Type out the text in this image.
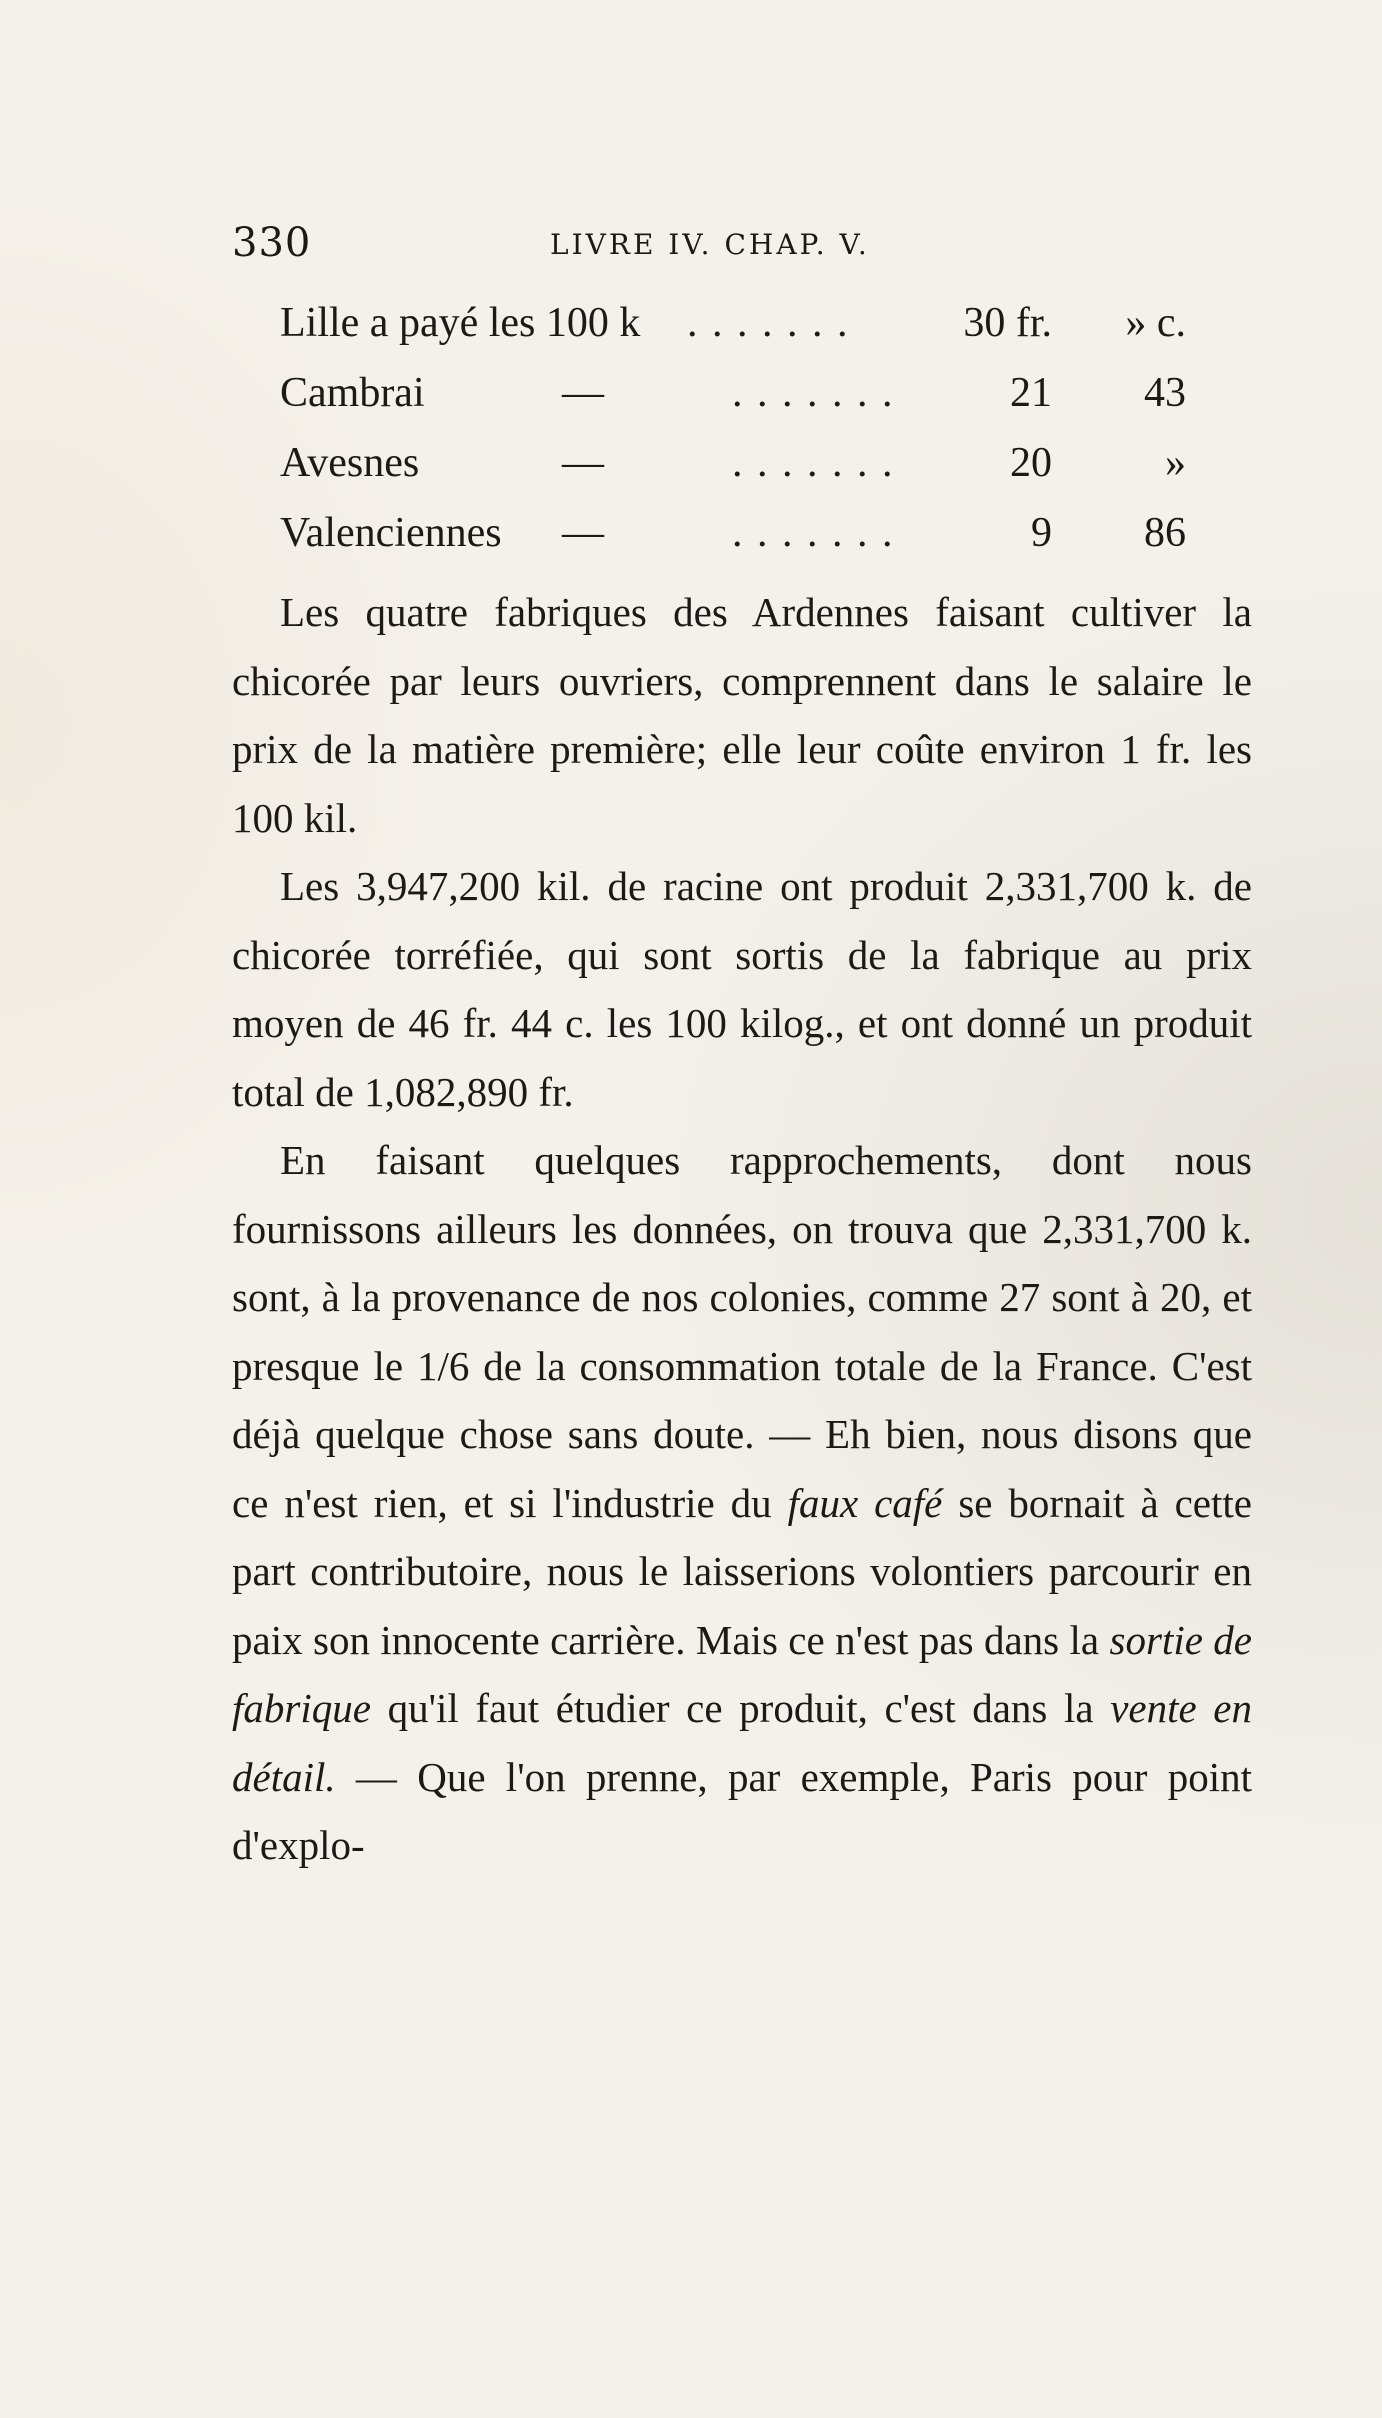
330	LIVRE IV. CHAP. V.
Lille a payé les 100 k . . . . . . .	30 fr.	» c.
Cambrai	—	. . . . . . .	21	43
Avesnes	—	. . . . . . .	20	»
Valenciennes —	. . . . . . .	9	86

Les quatre fabriques des Ardennes faisant cultiver la chicorée par leurs ouvriers, comprennent dans le salaire le prix de la matière première; elle leur coûte environ 1 fr. les 100 kil.

Les 3,947,200 kil. de racine ont produit 2,331,700 k. de chicorée torréfiée, qui sont sortis de la fabrique au prix moyen de 46 fr. 44 c. les 100 kilog., et ont donné un produit total de 1,082,890 fr.

En faisant quelques rapprochements, dont nous fournissons ailleurs les données, on trouva que 2,331,700 k. sont, à la provenance de nos colonies, comme 27 sont à 20, et presque le 1/6 de la consommation totale de la France. C'est déjà quelque chose sans doute. — Eh bien, nous disons que ce n'est rien, et si l'industrie du faux café se bornait à cette part contributoire, nous le laisserions volontiers parcourir en paix son innocente carrière. Mais ce n'est pas dans la sortie de fabrique qu'il faut étudier ce produit, c'est dans la vente en détail. — Que l'on prenne, par exemple, Paris pour point d'explo-
